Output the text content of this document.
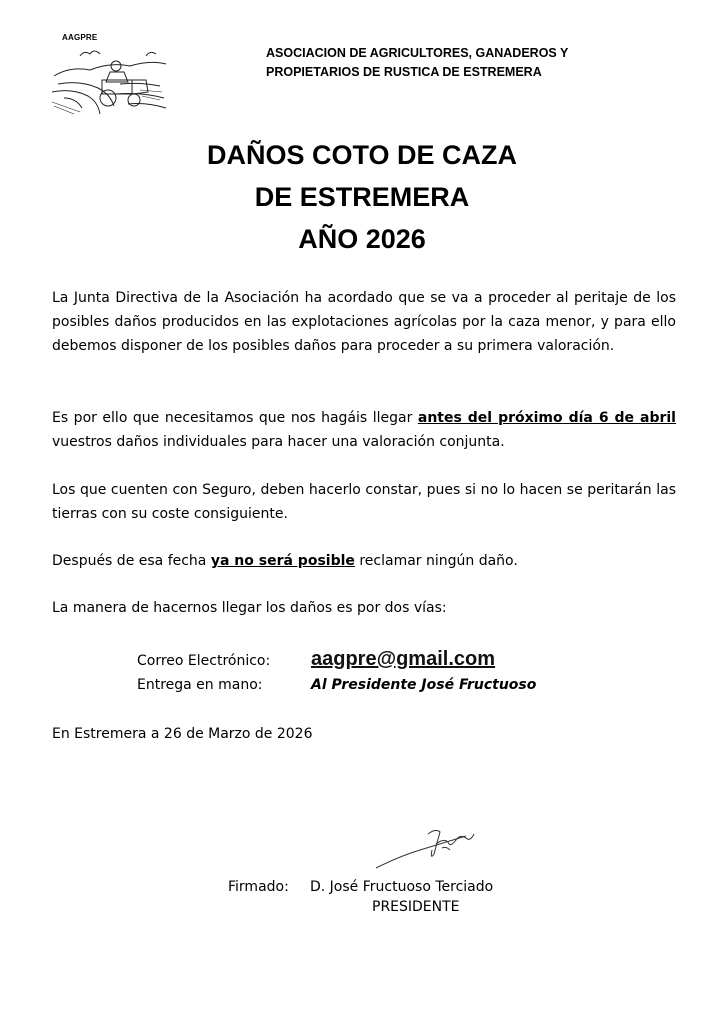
AAGPRE
ASOCIACION DE AGRICULTORES, GANADEROS Y
PROPIETARIOS DE RUSTICA DE ESTREMERA
DAÑOS COTO DE CAZA
DE ESTREMERA
AÑO 2026
La Junta Directiva de la Asociación ha acordado que se va a proceder al peritaje de los posibles daños producidos en las explotaciones agrícolas por la caza menor, y para ello debemos disponer de los posibles daños para proceder a su primera valoración.
Es por ello que necesitamos que nos hagáis llegar antes del próximo día 6 de abril vuestros daños individuales para hacer una valoración conjunta.
Los que cuenten con Seguro, deben hacerlo constar, pues si no lo hacen se peritarán las tierras con su coste consiguiente.
Después de esa fecha ya no será posible reclamar ningún daño.
La manera de hacernos llegar los daños es por dos vías:
Correo Electrónico: aagpre@gmail.com
Entrega en mano:	Al Presidente José Fructuoso
En Estremera a 26 de Marzo de 2026
Firmado: D. José Fructuoso Terciado
PRESIDENTE
